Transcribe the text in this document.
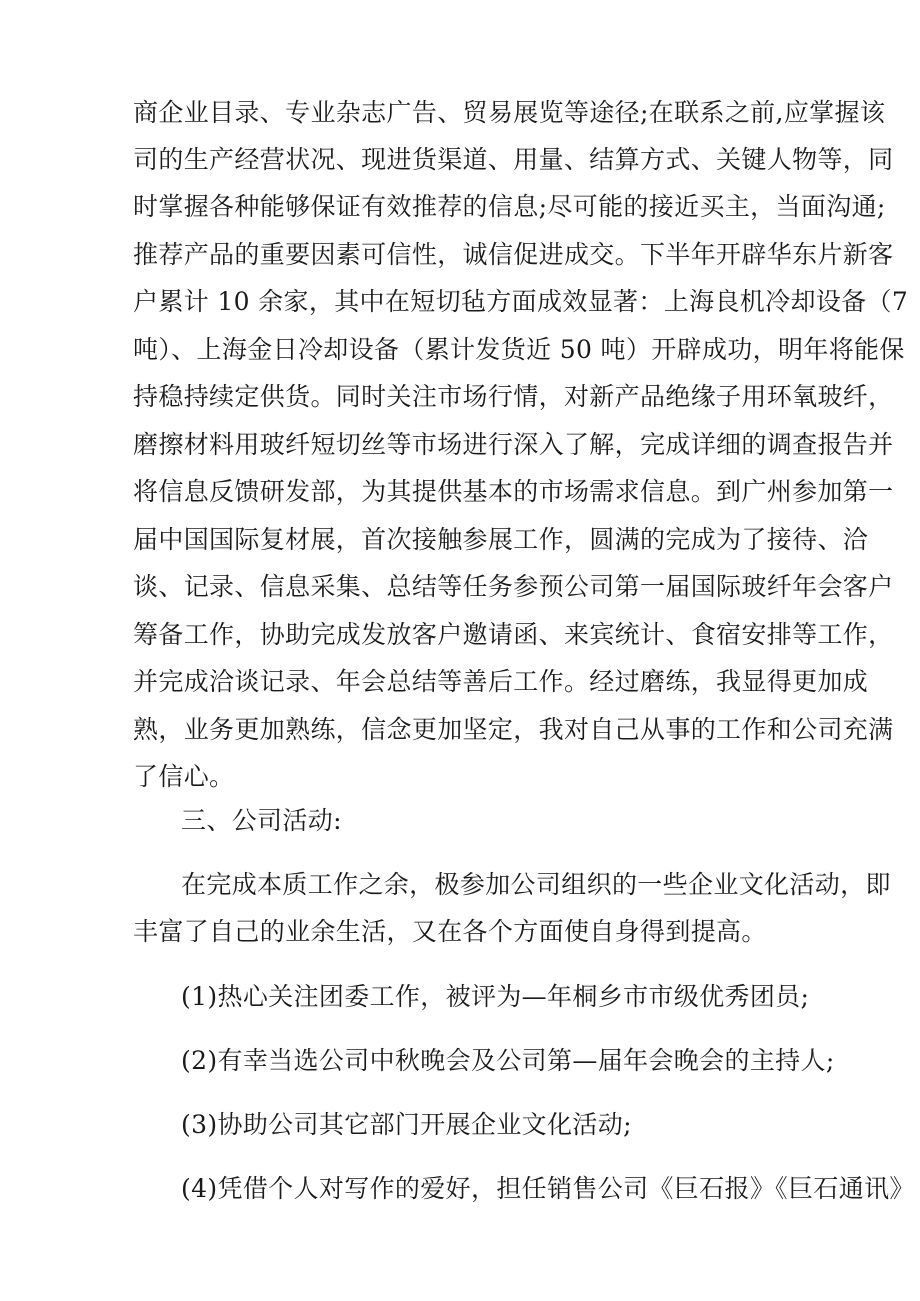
商企业目录、专业杂志广告、贸易展览等途径;在联系之前,应掌握该
司的生产经营状况、现进货渠道、用量、结算方式、关键人物等，同
时掌握各种能够保证有效推荐的信息;尽可能的接近买主，当面沟通;
推荐产品的重要因素可信性，诚信促进成交。下半年开辟华东片新客
户累计 10 余家，其中在短切毡方面成效显著：上海良机冷却设备（7
吨）、上海金日冷却设备（累计发货近 50 吨）开辟成功，明年将能保
持稳持续定供货。同时关注市场行情，对新产品绝缘子用环氧玻纤，
磨擦材料用玻纤短切丝等市场进行深入了解，完成详细的调查报告并
将信息反馈研发部，为其提供基本的市场需求信息。到广州参加第一
届中国国际复材展，首次接触参展工作，圆满的完成为了接待、洽
谈、记录、信息采集、总结等任务参预公司第一届国际玻纤年会客户
筹备工作，协助完成发放客户邀请函、来宾统计、食宿安排等工作，
并完成洽谈记录、年会总结等善后工作。经过磨练，我显得更加成
熟，业务更加熟练，信念更加坚定，我对自己从事的工作和公司充满
了信心。
三、公司活动:
在完成本质工作之余，极参加公司组织的一些企业文化活动，即
丰富了自己的业余生活，又在各个方面使自身得到提高。
(1)热心关注团委工作，被评为—年桐乡市市级优秀团员;
(2)有幸当选公司中秋晚会及公司第—届年会晚会的主持人;
(3)协助公司其它部门开展企业文化活动;
(4)凭借个人对写作的爱好，担任销售公司《巨石报》《巨石通讯》
